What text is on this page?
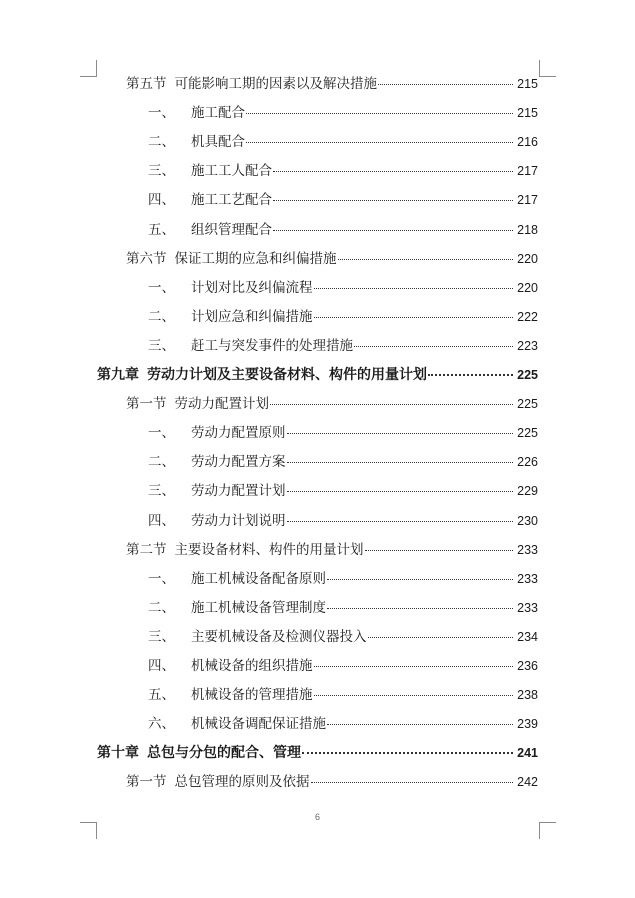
第五节 可能影响工期的因素以及解决措施	215
一、 施工配合	215
二、 机具配合	216
三、 施工工人配合	217
四、 施工工艺配合	217
五、 组织管理配合	218
第六节 保证工期的应急和纠偏措施	220
一、 计划对比及纠偏流程	220
二、 计划应急和纠偏措施	222
三、 赶工与突发事件的处理措施	223
第九章 劳动力计划及主要设备材料、构件的用量计划	225
第一节 劳动力配置计划	225
一、 劳动力配置原则	225
二、 劳动力配置方案	226
三、 劳动力配置计划	229
四、 劳动力计划说明	230
第二节 主要设备材料、构件的用量计划	233
一、 施工机械设备配备原则	233
二、 施工机械设备管理制度	233
三、 主要机械设备及检测仪器投入	234
四、 机械设备的组织措施	236
五、 机械设备的管理措施	238
六、 机械设备调配保证措施	239
第十章 总包与分包的配合、管理	241
第一节 总包管理的原则及依据	242
6
